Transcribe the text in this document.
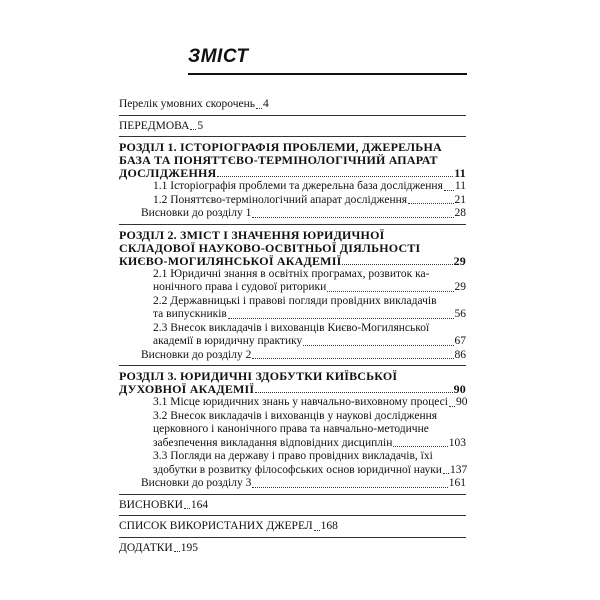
ЗМІСТ
Перелік умовних скорочень 4
ПЕРЕДМОВА 5
РОЗДІЛ 1. ІСТОРІОГРАФІЯ ПРОБЛЕМИ, ДЖЕРЕЛЬНА
БАЗА ТА ПОНЯТТЄВО-ТЕРМІНОЛОГІЧНИЙ АПАРАТ
ДОСЛІДЖЕННЯ	11
1.1 Історіографія проблеми та джерельна база дослідження 11
1.2 Поняттєво-термінологічний апарат дослідження	21
Висновки до розділу 1	28
РОЗДІЛ 2. ЗМІСТ І ЗНАЧЕННЯ ЮРИДИЧНОЇ
СКЛАДОВОЇ НАУКОВО-ОСВІТНЬОЇ ДІЯЛЬНОСТІ
КИЄВО-МОГИЛЯНСЬКОЇ АКАДЕМІЇ	29
2.1 Юридичні знання в освітніх програмах, розвиток ка-
нонічного права і судової риторики	29
2.2 Державницькі і правові погляди провідних викладачів
та випускників	56
2.3 Внесок викладачів і вихованців Києво-Могилянської
академії в юридичну практику	67
Висновки до розділу 2	86
РОЗДІЛ 3. ЮРИДИЧНІ ЗДОБУТКИ КИЇВСЬКОЇ
ДУХОВНОЇ АКАДЕМІЇ	90
3.1 Місце юридичних знань у навчально-виховному процесі 90
3.2 Внесок викладачів і вихованців у наукові дослідження
церковного і канонічного права та навчально-методичне
забезпечення викладання відповідних дисциплін	103
3.3 Погляди на державу і право провідних викладачів, їхі
здобутки в розвитку філософських основ юридичної науки 137
Висновки до розділу 3	161
ВИСНОВКИ 164
СПИСОК ВИКОРИСТАНИХ ДЖЕРЕЛ 168
ДОДАТКИ 195
